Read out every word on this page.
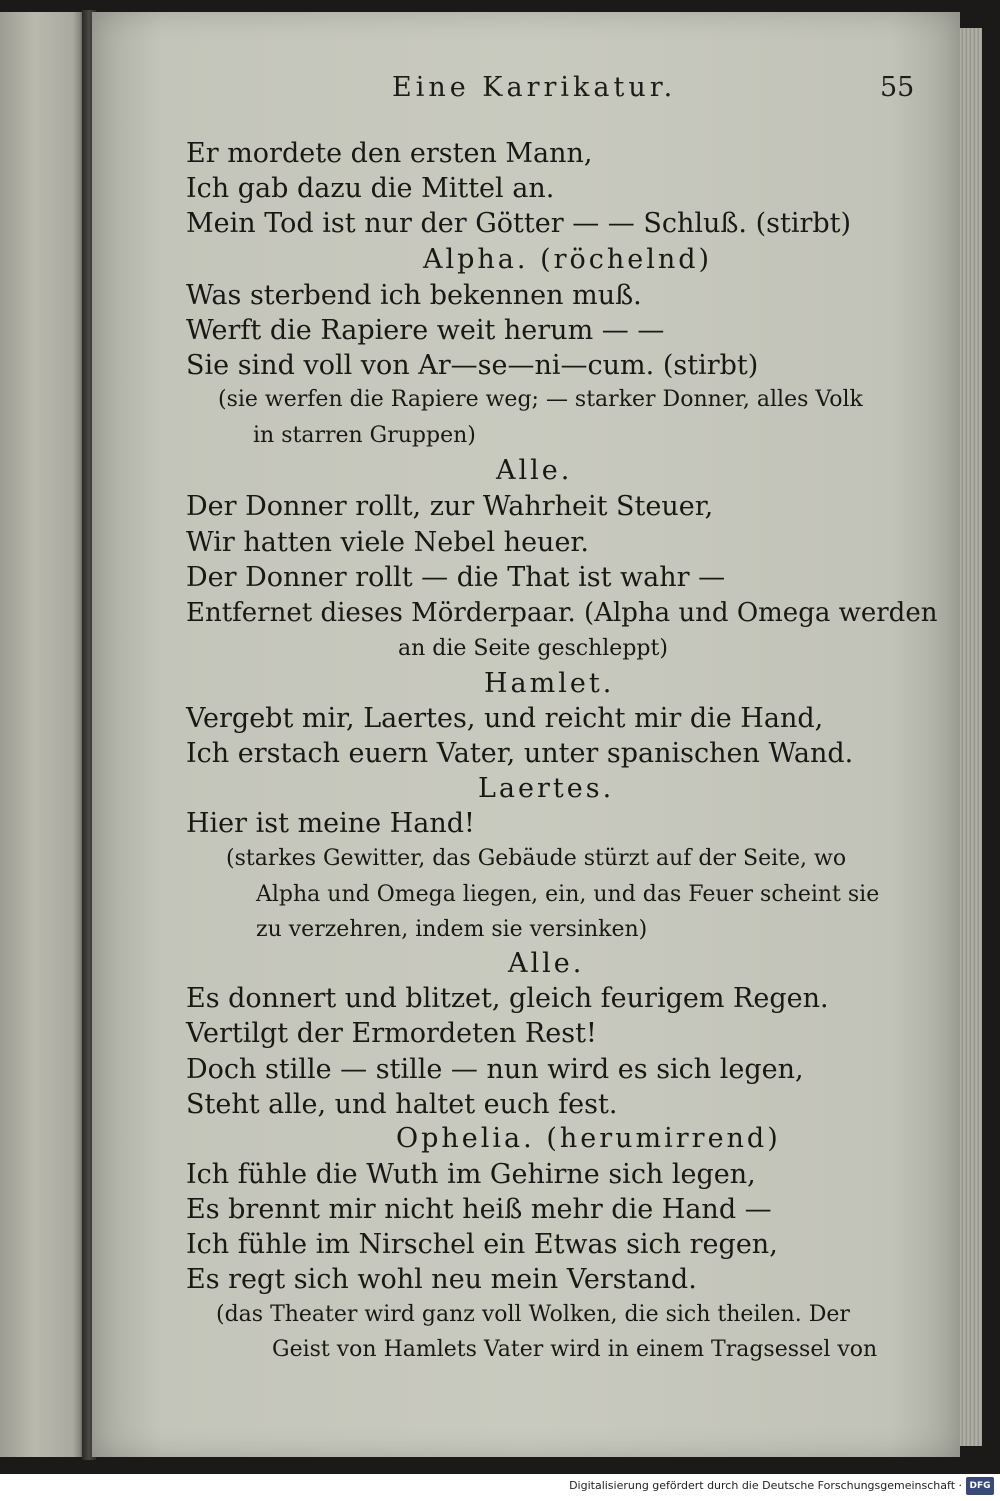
Eine Karrikatur.	55
Er mordete den ersten Mann,
Ich gab dazu die Mittel an.
Mein Tod ist nur der Götter — — Schluß. (stirbt)
Alpha. (röchelnd)
Was sterbend ich bekennen muß.
Werft die Rapiere weit herum — —
Sie sind voll von Ar—se—ni—cum. (stirbt)
(sie werfen die Rapiere weg; — starker Donner, alles Volk
in starren Gruppen)
Alle.
Der Donner rollt, zur Wahrheit Steuer,
Wir hatten viele Nebel heuer.
Der Donner rollt — die That ist wahr —
Entfernet dieses Mörderpaar. (Alpha und Omega werden
an die Seite geschleppt)
Hamlet.
Vergebt mir, Laertes, und reicht mir die Hand,
Ich erstach euern Vater, unter spanischen Wand.
Laertes.
Hier ist meine Hand!
(starkes Gewitter, das Gebäude stürzt auf der Seite, wo
Alpha und Omega liegen, ein, und das Feuer scheint sie
zu verzehren, indem sie versinken)
Alle.
Es donnert und blitzet, gleich feurigem Regen.
Vertilgt der Ermordeten Rest!
Doch stille — stille — nun wird es sich legen,
Steht alle, und haltet euch fest.
Ophelia. (herumirrend)
Ich fühle die Wuth im Gehirne sich legen,
Es brennt mir nicht heiß mehr die Hand —
Ich fühle im Nirschel ein Etwas sich regen,
Es regt sich wohl neu mein Verstand.
(das Theater wird ganz voll Wolken, die sich theilen. Der
Geist von Hamlets Vater wird in einem Tragsessel von
Digitalisierung gefördert durch die Deutsche Forschungsgemeinschaft · DFG
